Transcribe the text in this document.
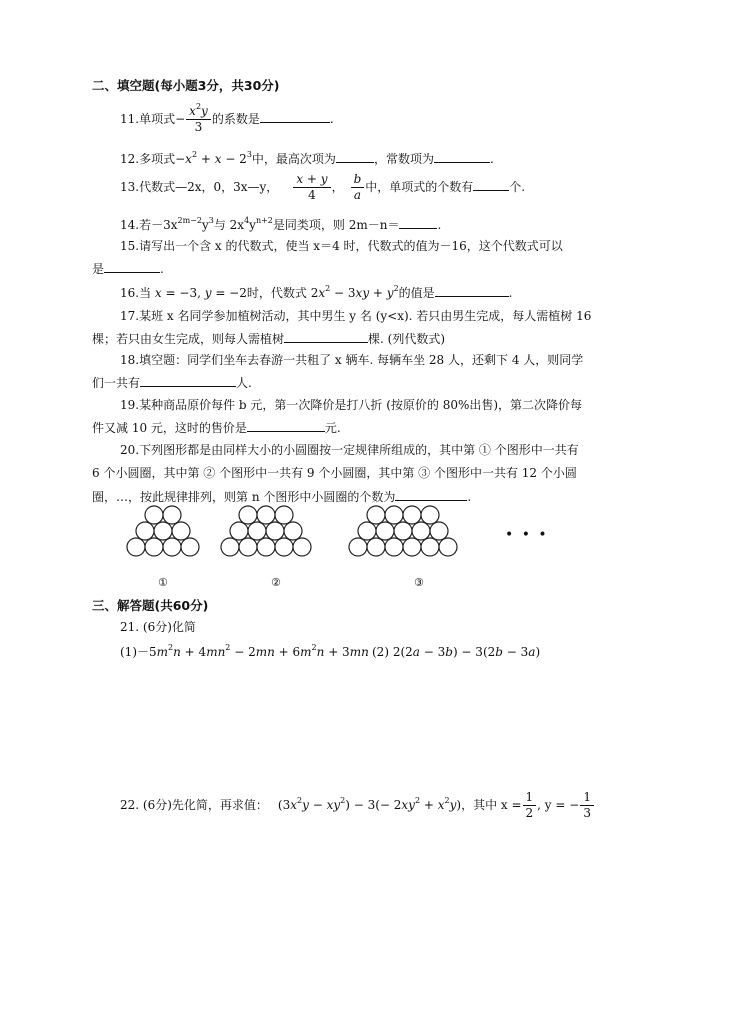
二、填空题(每小题3分，共30分)
11.单项式− $\frac{x^2y}{3}$ 的系数是	.
12.多项式$-x^2 + x - 2^3$中，最高次项为	，常数项为	.
13.代数式—2x，0，3x—y， $\frac{x + y}{4}$ ， $\frac{b}{a}$ 中，单项式的个数有	个.
14.若$-3x^{2m-2}y^3$与 $2x^4y^{n+2}$是同类项，则 2m－n＝	.
15.请写出一个含 x 的代数式，使当 x＝4 时，代数式的值为－16，这个代数式可以
是	.
16.当 x = −3, y = −2时，代数式 $2x^2 - 3xy + y^2$的值是	.
17.某班 x 名同学参加植树活动，其中男生 y 名 (y<x). 若只由男生完成，每人需植树 16
棵；若只由女生完成，则每人需植树	棵. (列代数式)
18.填空题：同学们坐车去春游一共租了 x 辆车. 每辆车坐 28 人，还剩下 4 人，则同学
们一共有	人.
19.某种商品原价每件 b 元，第一次降价是打八折 (按原价的 80%出售)，第二次降价每
件又减 10 元，这时的售价是	元.
20.下列图形都是由同样大小的小圆圈按一定规律所组成的，其中第 ① 个图形中一共有
6 个小圆圈，其中第 ② 个图形中一共有 9 个小圆圈，其中第 ③ 个图形中一共有 12 个小圆
圈，…，按此规律排列，则第 n 个图形中小圆圈的个数为	.
• • •
①	②	③
三、解答题(共60分)
21. (6分)化简
$(1)-5m^2n + 4mn^2 - 2mn + 6m^2n + 3mn$ (2) 2(2a − 3b) − 3(2b − 3a)
22. (6分)先化简，再求值： $(3x^2y - xy^2) - 3(- 2xy^2 + x^2y)$，其中 $x = \frac{1}{2}$ , y = − $\frac{1}{3}$
